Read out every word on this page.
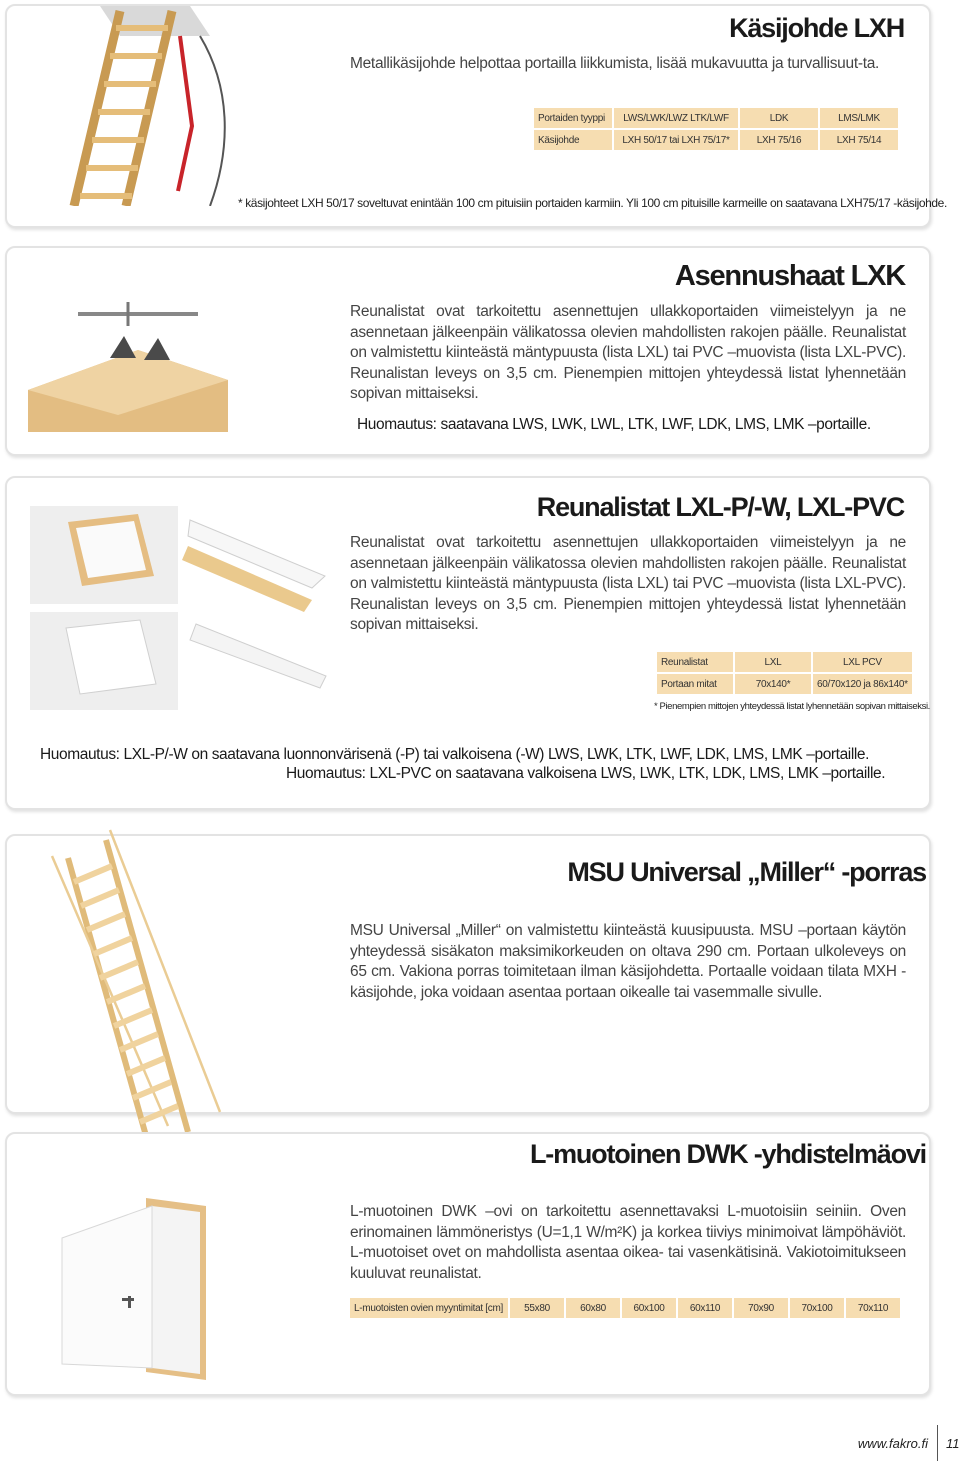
Käsijohde LXH

Metallikäsijohde helpottaa portailla liikkumista, lisää mukavuutta ja turvallisuut-ta.

Portaiden tyyppi	LWS/LWK/LWZ LTK/LWF	LDK	LMS/LMK
Käsijohde	LXH 50/17 tai LXH 75/17*	LXH 75/16	LXH 75/14
* käsijohteet LXH 50/17 soveltuvat enintään 100 cm pituisiin portaiden karmiin. Yli 100 cm pituisille karmeille on saatavana LXH75/17 -käsijohde.
Asennushaat LXK

Reunalistat ovat tarkoitettu asennettujen ullakkoportaiden viimeistelyyn ja ne asennetaan jälkeenpäin välikatossa olevien mahdollisten rakojen päälle. Reunalistat on valmistettu kiinteästä mäntypuusta (lista LXL) tai PVC –muovista (lista LXL-PVC). Reunalistan leveys on 3,5 cm. Pienempien mittojen yhteydessä listat lyhennetään sopivan mittaiseksi.

Huomautus: saatavana LWS, LWK, LWL, LTK, LWF, LDK, LMS, LMK –portaille.
Reunalistat LXL-P/-W, LXL-PVC

Reunalistat ovat tarkoitettu asennettujen ullakkoportaiden viimeistelyyn ja ne asennetaan jälkeenpäin välikatossa olevien mahdollisten rakojen päälle. Reunalistat on valmistettu kiinteästä mäntypuusta (lista LXL) tai PVC –muovista (lista LXL-PVC). Reunalistan leveys on 3,5 cm. Pienempien mittojen yhteydessä listat lyhennetään sopivan mittaiseksi.

Reunalistat	LXL	LXL PCV
Portaan mitat	70x140*	60/70x120 ja 86x140*
* Pienempien mittojen yhteydessä listat lyhennetään sopivan mittaiseksi.
Huomautus: LXL-P/-W on saatavana luonnonvärisenä (-P) tai valkoisena (-W) LWS, LWK, LTK, LWF, LDK, LMS, LMK –portaille.
Huomautus: LXL-PVC on saatavana valkoisena LWS, LWK, LTK, LDK, LMS, LMK –portaille.
MSU Universal „Miller“ -porras

MSU Universal „Miller“ on valmistettu kiinteästä kuusipuusta. MSU –portaan käytön yhteydessä sisäkaton maksimikorkeuden on oltava 290 cm. Portaan ulkoleveys on 65 cm. Vakiona porras toimitetaan ilman käsijohdetta. Portaalle voidaan tilata MXH -käsijohde, joka voidaan asentaa portaan oikealle tai vasemmalle sivulle.

L-muotoinen DWK -yhdistelmäovi

L-muotoinen DWK –ovi on tarkoitettu asennettavaksi L-muotoisiin seiniin. Oven erinomainen lämmöneristys (U=1,1 W/m²K) ja korkea tiiviys minimoivat lämpöhäviöt. L-muotoiset ovet on mahdollista asentaa oikea- tai vasenkätisinä. Vakiotoimitukseen kuuluvat reunalistat.

L-muotoisten ovien myyntimitat [cm]	55x80	60x80	60x100	60x110	70x90	70x100	70x110
www.fakro.fi 11
